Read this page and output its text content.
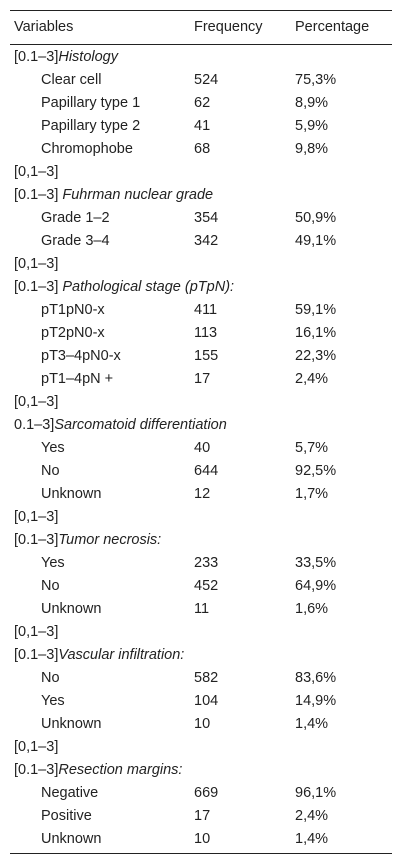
Variables	Frequency Percentage
[0.1–3]Histology
Clear cell	524	75,3%
Papillary type 1	62	8,9%
Papillary type 2	41	5,9%
Chromophobe	68	9,8%
[0,1–3]
[0.1–3] Fuhrman nuclear grade
Grade 1–2	354	50,9%
Grade 3–4	342	49,1%
[0,1–3]
[0.1–3] Pathological stage (pTpN):
pT1pN0-x	411	59,1%
pT2pN0-x	113	16,1%
pT3–4pN0-x	155	22,3%
pT1–4pN +	17	2,4%
[0,1–3]
0.1–3]Sarcomatoid differentiation
Yes	40	5,7%
No	644	92,5%
Unknown	12	1,7%
[0,1–3]
[0.1–3]Tumor necrosis:
Yes	233	33,5%
No	452	64,9%
Unknown	11	1,6%
[0,1–3]
[0.1–3]Vascular infiltration:
No	582	83,6%
Yes	104	14,9%
Unknown	10	1,4%
[0,1–3]
[0.1–3]Resection margins:
Negative	669	96,1%
Positive	17	2,4%
Unknown	10	1,4%
